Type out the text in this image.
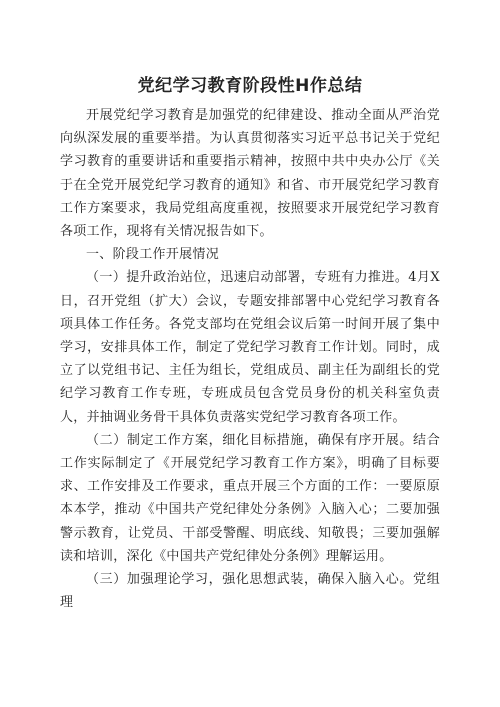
党纪学习教育阶段性H作总结

开展党纪学习教育是加强党的纪律建设、推动全面从严治党向纵深发展的重要举措。为认真贯彻落实习近平总书记关于党纪学习教育的重要讲话和重要指示精神，按照中共中央办公厅《关于在全党开展党纪学习教育的通知》和省、市开展党纪学习教育工作方案要求，我局党组高度重视，按照要求开展党纪学习教育各项工作，现将有关情况报告如下。

一、阶段工作开展情况

（一）提升政治站位，迅速启动部署，专班有力推进。4月X日，召开党组（扩大）会议，专题安排部署中心党纪学习教育各项具体工作任务。各党支部均在党组会议后第一时间开展了集中学习，安排具体工作，制定了党纪学习教育工作计划。同时，成立了以党组书记、主任为组长，党组成员、副主任为副组长的党纪学习教育工作专班，专班成员包含党员身份的机关科室负责人，并抽调业务骨干具体负责落实党纪学习教育各项工作。

（二）制定工作方案，细化目标措施，确保有序开展。结合工作实际制定了《开展党纪学习教育工作方案》，明确了目标要求、工作安排及工作要求，重点开展三个方面的工作：一要原原本本学，推动《中国共产党纪律处分条例》入脑入心；二要加强警示教育，让党员、干部受警醒、明底线、知敬畏；三要加强解读和培训，深化《中国共产党纪律处分条例》理解运用。

（三）加强理论学习，强化思想武装，确保入脑入心。党组理
